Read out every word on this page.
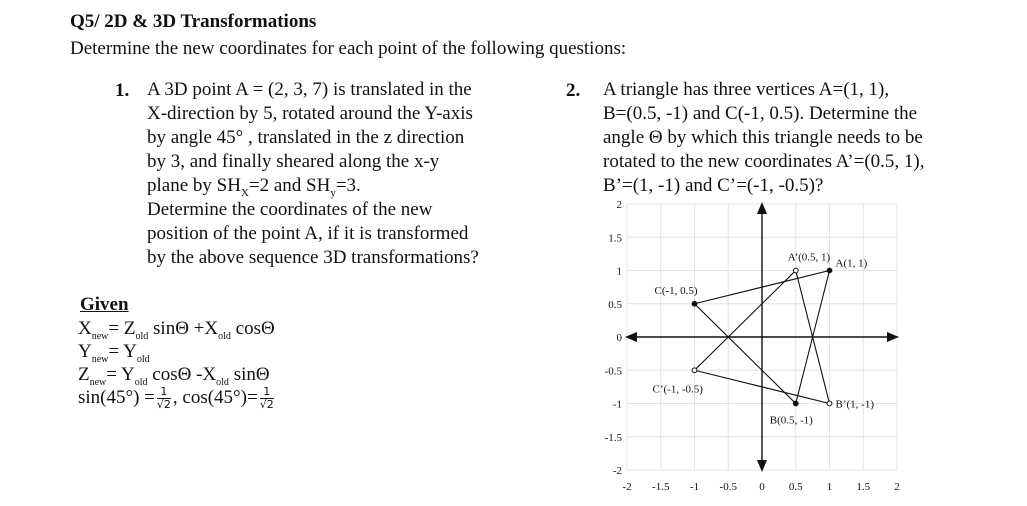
Q5/ 2D & 3D Transformations
Determine the new coordinates for each point of the following questions:
1. A 3D point A = (2, 3, 7) is translated in the
X-direction by 5, rotated around the Y-axis
by angle 45° , translated in the z direction
by 3, and finally sheared along the x-y
plane by $SH_X=2$ and $SH_y=3$.
Determine the coordinates of the new
position of the point A, if it is transformed
by the above sequence 3D transformations?
Given
$X_{new}= Z_{old}$ $\sin\Theta +X_{old}$ cosΘ
$Y_{new}= Y_{old}$
$Z_{new}= Y_{old}$ cosΘ $-X_{old}$ sinΘ
$\sin(45^\circ) = \frac{1}{√2}$ , $\cos(45^\circ)= \frac{1}{√2}$
2. A triangle has three vertices A=(1, 1),
B=(0.5, -1) and C(-1, 0.5). Determine the
angle Θ by which this triangle needs to be
rotated to the new coordinates A’=(0.5, 1),
B’=(1, -1) and C’=(-1, -0.5)?
-2 -1.5 -1 -0.5 0 0.5 1 1.5 2
2
1.5
1
0.5
0
-0.5
-1
-1.5
-2
A(1, 1)
B(0.5, -1)
C(-1, 0.5)
A’(0.5, 1)
B’(1, -1)
C’(-1, -0.5)
